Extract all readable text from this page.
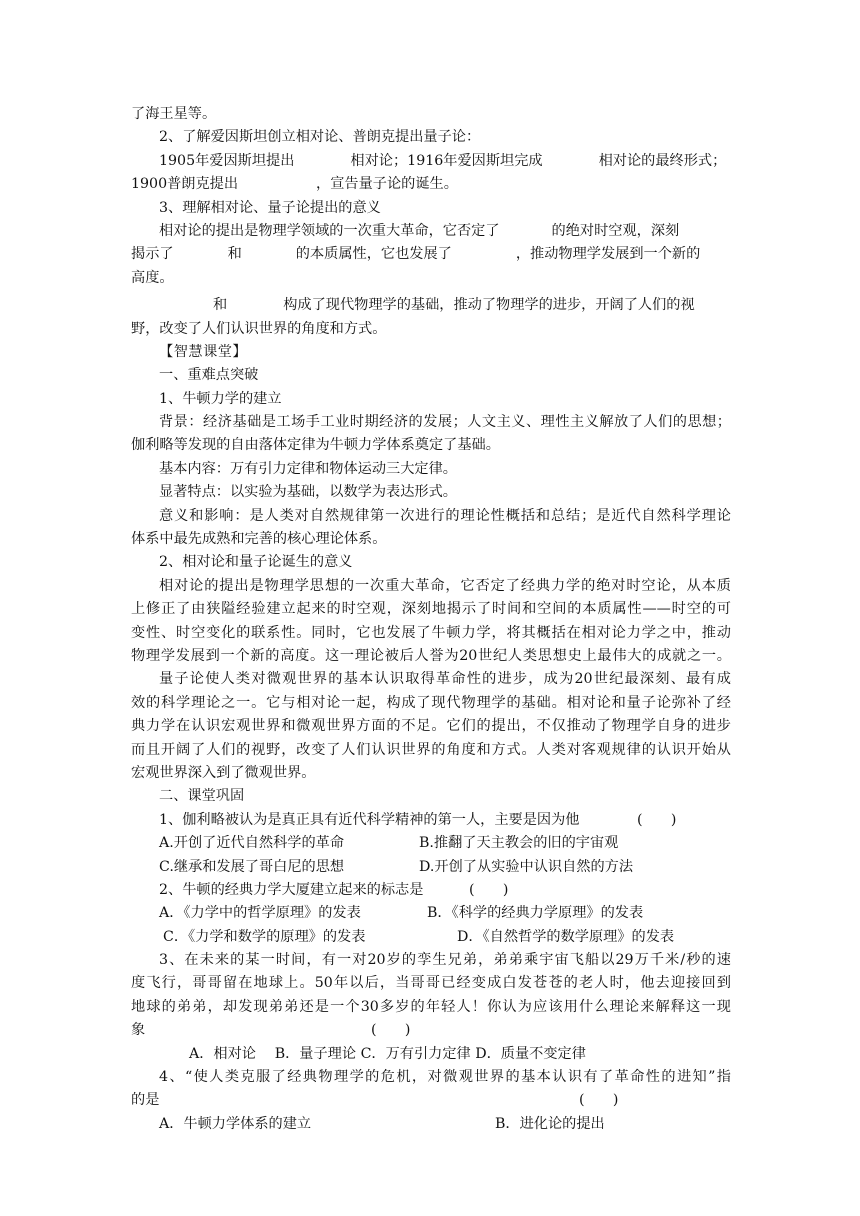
了海王星等。
2、了解爱因斯坦创立相对论、普朗克提出量子论：
1905年爱因斯坦提出	相对论；1916年爱因斯坦完成	相对论的最终形式；
1900普朗克提出	，宣告量子论的诞生。
3、理解相对论、量子论提出的意义
相对论的提出是物理学领域的一次重大革命，它否定了	的绝对时空观，深刻
揭示了	和	的本质属性，它也发展了	，推动物理学发展到一个新的
高度。
和	构成了现代物理学的基础，推动了物理学的进步，开阔了人们的视
野，改变了人们认识世界的角度和方式。
【智慧课堂】
一、重难点突破
1、牛顿力学的建立
背景：经济基础是工场手工业时期经济的发展；人文主义、理性主义解放了人们的思想；
伽利略等发现的自由落体定律为牛顿力学体系奠定了基础。
基本内容：万有引力定律和物体运动三大定律。
显著特点：以实验为基础，以数学为表达形式。
意义和影响：是人类对自然规律第一次进行的理论性概括和总结；是近代自然科学理论
体系中最先成熟和完善的核心理论体系。
2、相对论和量子论诞生的意义
相对论的提出是物理学思想的一次重大革命，它否定了经典力学的绝对时空论，从本质
上修正了由狭隘经验建立起来的时空观，深刻地揭示了时间和空间的本质属性——时空的可
变性、时空变化的联系性。同时，它也发展了牛顿力学，将其概括在相对论力学之中，推动
物理学发展到一个新的高度。这一理论被后人誉为20世纪人类思想史上最伟大的成就之一。
量子论使人类对微观世界的基本认识取得革命性的进步，成为20世纪最深刻、最有成
效的科学理论之一。它与相对论一起，构成了现代物理学的基础。相对论和量子论弥补了经
典力学在认识宏观世界和微观世界方面的不足。它们的提出，不仅推动了物理学自身的进步
而且开阔了人们的视野，改变了人们认识世界的角度和方式。人类对客观规律的认识开始从
宏观世界深入到了微观世界。
二、课堂巩固
1、伽利略被认为是真正具有近代科学精神的第一人，主要是因为他	(　　)
A.开创了近代自然科学的革命	B.推翻了天主教会的旧的宇宙观
C.继承和发展了哥白尼的思想	D.开创了从实验中认识自然的方法
2、牛顿的经典力学大厦建立起来的标志是	(　　)
A．《力学中的哲学原理》的发表	B．《科学的经典力学原理》的发表
C．《力学和数学的原理》的发表	D．《自然哲学的数学原理》的发表
3、在未来的某一时间，有一对20岁的孪生兄弟，弟弟乘宇宙飞船以29万千米/秒的速
度飞行，哥哥留在地球上。50年以后，当哥哥已经变成白发苍苍的老人时，他去迎接回到
地球的弟弟，却发现弟弟还是一个30多岁的年轻人！你认为应该用什么理论来解释这一现
象	(　　)
A．相对论　 B．量子理论 C．万有引力定律 D．质量不变定律
4、“使人类克服了经典物理学的危机，对微观世界的基本认识有了革命性的进知”指
的是	(　　)
A．牛顿力学体系的建立	B．进化论的提出
